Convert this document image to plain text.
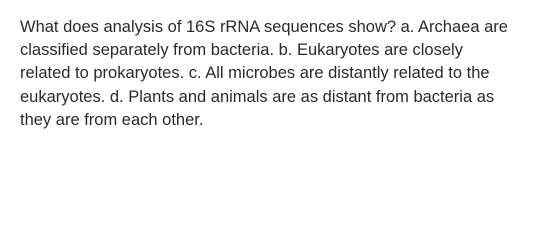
What does analysis of 16S rRNA sequences show? a. Archaea are
classified separately from bacteria. b. Eukaryotes are closely
related to prokaryotes. c. All microbes are distantly related to the
eukaryotes. d. Plants and animals are as distant from bacteria as
they are from each other.
